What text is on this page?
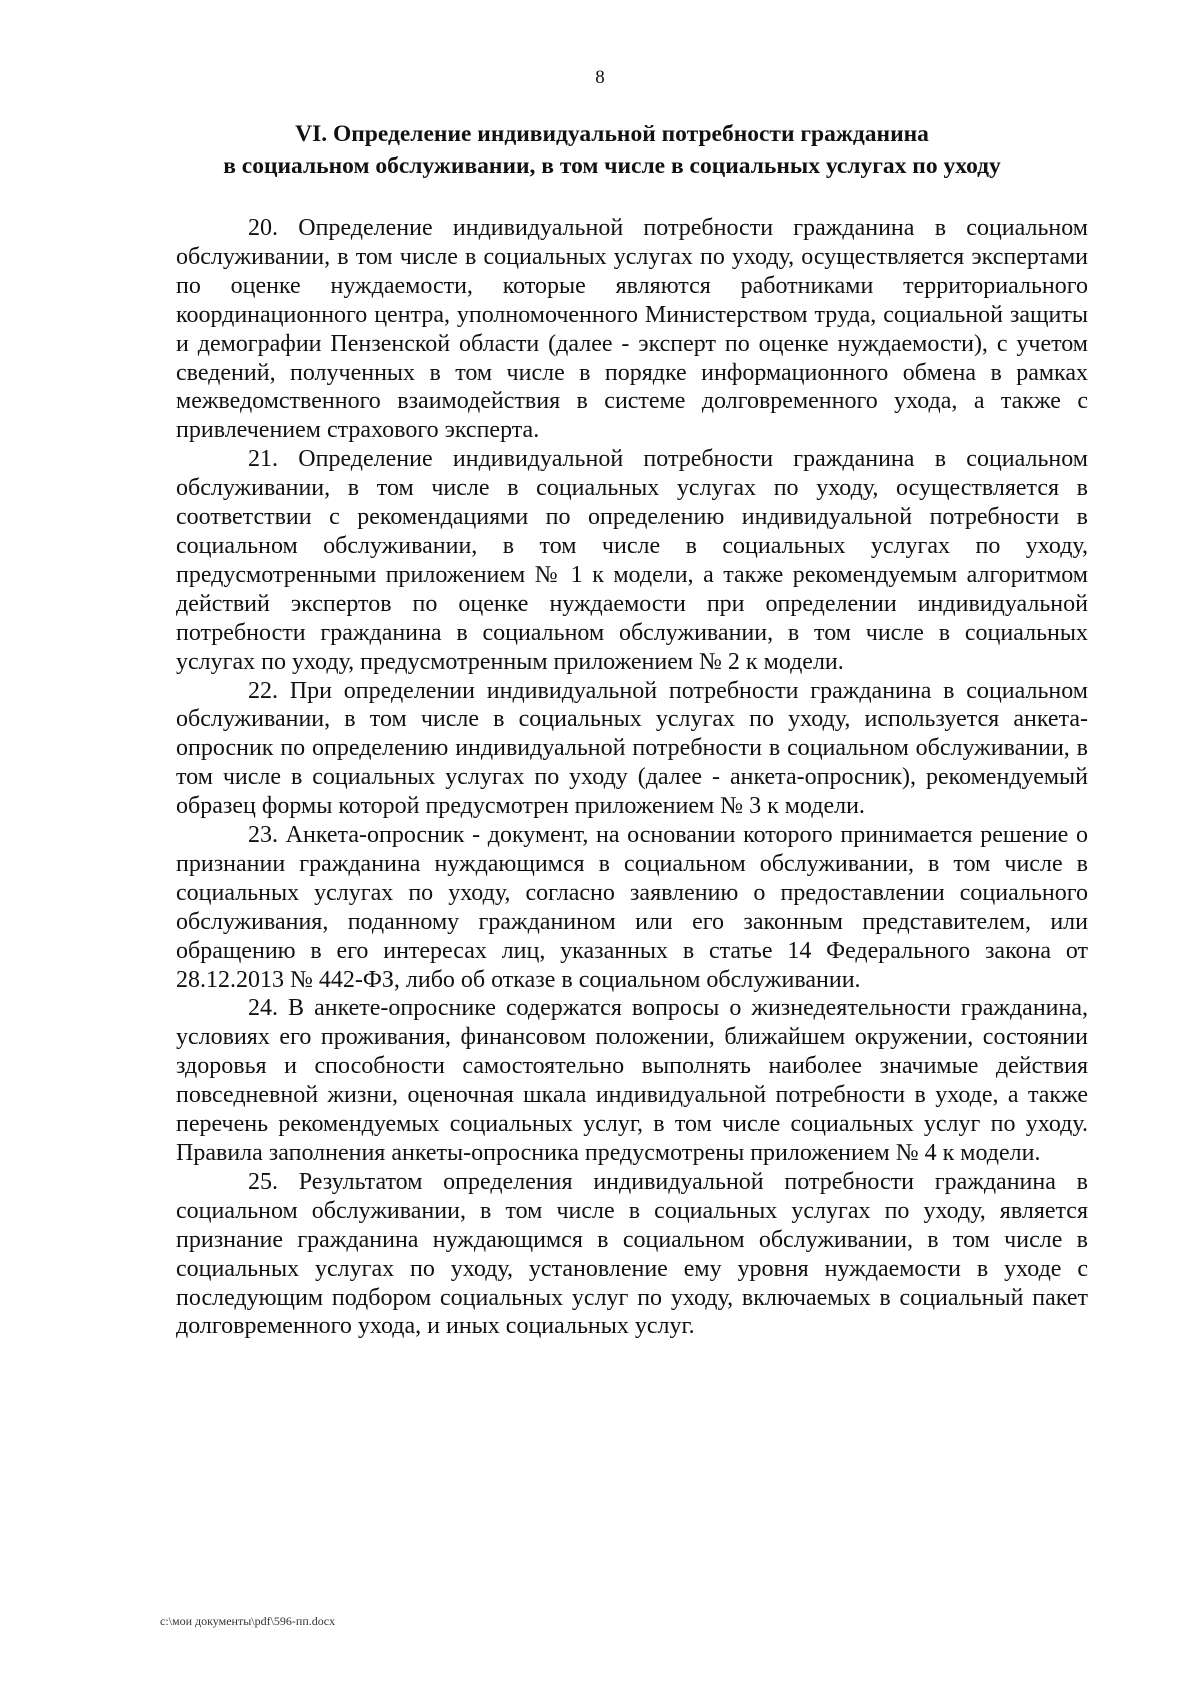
8
VI. Определение индивидуальной потребности гражданина
в социальном обслуживании, в том числе в социальных услугах по уходу

20. Определение индивидуальной потребности гражданина в социальном обслуживании, в том числе в социальных услугах по уходу, осуществляется экспертами по оценке нуждаемости, которые являются работниками территориального координационного центра, уполномоченного Министерством труда, социальной защиты и демографии Пензенской области (далее - эксперт по оценке нуждаемости), с учетом сведений, полученных в том числе в порядке информационного обмена в рамках межведомственного взаимодействия в системе долговременного ухода, а также с привлечением страхового эксперта.

21. Определение индивидуальной потребности гражданина в социальном обслуживании, в том числе в социальных услугах по уходу, осуществляется в соответствии с рекомендациями по определению индивидуальной потребности в социальном обслуживании, в том числе в социальных услугах по уходу, предусмотренными приложением № 1 к модели, а также рекомендуемым алгоритмом действий экспертов по оценке нуждаемости при определении индивидуальной потребности гражданина в социальном обслуживании, в том числе в социальных услугах по уходу, предусмотренным приложением № 2 к модели.

22. При определении индивидуальной потребности гражданина в социальном обслуживании, в том числе в социальных услугах по уходу, используется анкета-опросник по определению индивидуальной потребности в социальном обслуживании, в том числе в социальных услугах по уходу (далее - анкета-опросник), рекомендуемый образец формы которой предусмотрен приложением № 3 к модели.

23. Анкета-опросник - документ, на основании которого принимается решение о признании гражданина нуждающимся в социальном обслуживании, в том числе в социальных услугах по уходу, согласно заявлению о предоставлении социального обслуживания, поданному гражданином или его законным представителем, или обращению в его интересах лиц, указанных в статье 14 Федерального закона от 28.12.2013 № 442-ФЗ, либо об отказе в социальном обслуживании.

24. В анкете-опроснике содержатся вопросы о жизнедеятельности гражданина, условиях его проживания, финансовом положении, ближайшем окружении, состоянии здоровья и способности самостоятельно выполнять наиболее значимые действия повседневной жизни, оценочная шкала индивидуальной потребности в уходе, а также перечень рекомендуемых социальных услуг, в том числе социальных услуг по уходу. Правила заполнения анкеты-опросника предусмотрены приложением № 4 к модели.

25. Результатом определения индивидуальной потребности гражданина в социальном обслуживании, в том числе в социальных услугах по уходу, является признание гражданина нуждающимся в социальном обслуживании, в том числе в социальных услугах по уходу, установление ему уровня нуждаемости в уходе с последующим подбором социальных услуг по уходу, включаемых в социальный пакет долговременного ухода, и иных социальных услуг.

c:\мои документы\pdf\596-пп.docx
